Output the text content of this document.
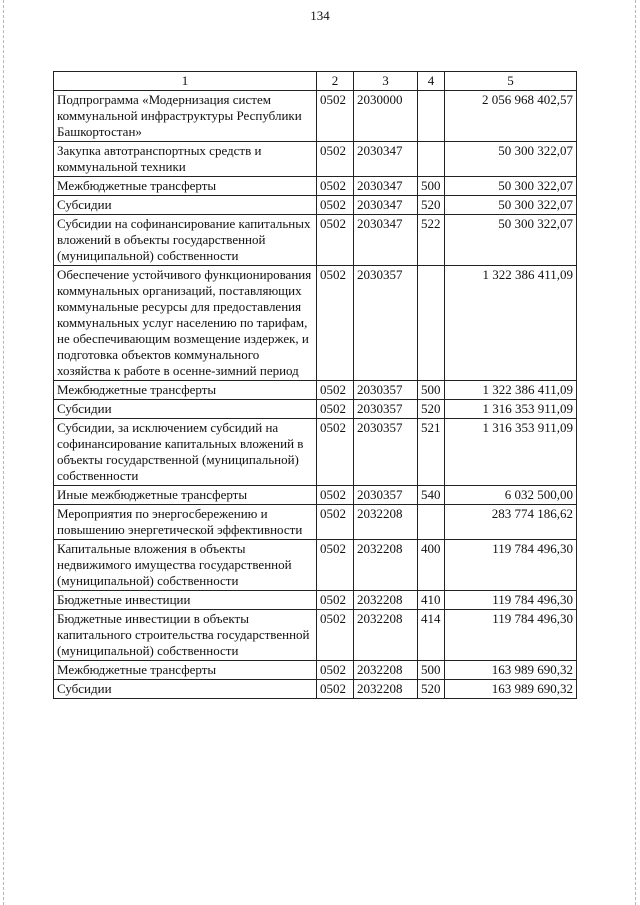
134
1	2	3	4	5
Подпрограмма «Модернизация систем коммунальной инфраструктуры Республики Башкортостан»	0502	2030000		2 056 968 402,57
Закупка автотранспортных средств и коммунальной техники	0502	2030347		50 300 322,07
Межбюджетные трансферты	0502	2030347	500	50 300 322,07
Субсидии	0502	2030347	520	50 300 322,07
Субсидии на софинансирование капитальных вложений в объекты государственной (муниципальной) собственности	0502	2030347	522	50 300 322,07
Обеспечение устойчивого функционирования коммунальных организаций, поставляющих коммунальные ресурсы для предоставления коммунальных услуг населению по тарифам, не обеспечивающим возмещение издержек, и подготовка объектов коммунального хозяйства к работе в осенне-зимний период	0502	2030357		1 322 386 411,09
Межбюджетные трансферты	0502	2030357	500	1 322 386 411,09
Субсидии	0502	2030357	520	1 316 353 911,09
Субсидии, за исключением субсидий на софинансирование капитальных вложений в объекты государственной (муниципальной) собственности	0502	2030357	521	1 316 353 911,09
Иные межбюджетные трансферты	0502	2030357	540	6 032 500,00
Мероприятия по энергосбережению и повышению энергетической эффективности	0502	2032208		283 774 186,62
Капитальные вложения в объекты недвижимого имущества государственной (муниципальной) собственности	0502	2032208	400	119 784 496,30
Бюджетные инвестиции	0502	2032208	410	119 784 496,30
Бюджетные инвестиции в объекты капитального строительства государственной (муниципальной) собственности	0502	2032208	414	119 784 496,30
Межбюджетные трансферты	0502	2032208	500	163 989 690,32
Субсидии	0502	2032208	520	163 989 690,32
